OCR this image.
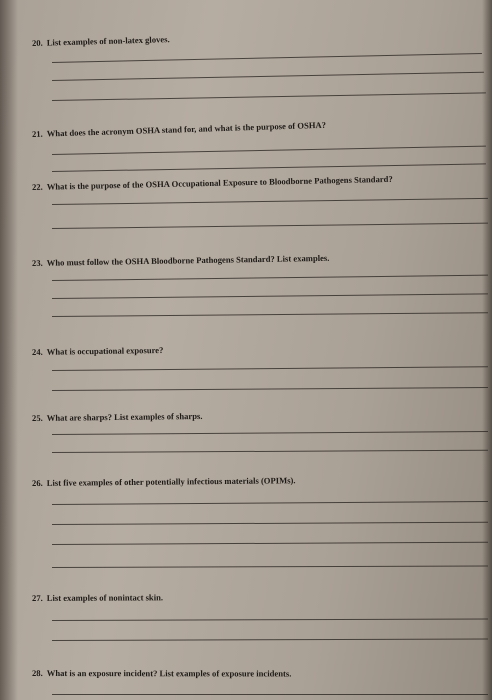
20. List examples of non-latex gloves.
21. What does the acronym OSHA stand for, and what is the purpose of OSHA?
22. What is the purpose of the OSHA Occupational Exposure to Bloodborne Pathogens Standard?
23. Who must follow the OSHA Bloodborne Pathogens Standard? List examples.
24. What is occupational exposure?
25. What are sharps? List examples of sharps.
26. List five examples of other potentially infectious materials (OPIMs).
27. List examples of nonintact skin.
28. What is an exposure incident? List examples of exposure incidents.
